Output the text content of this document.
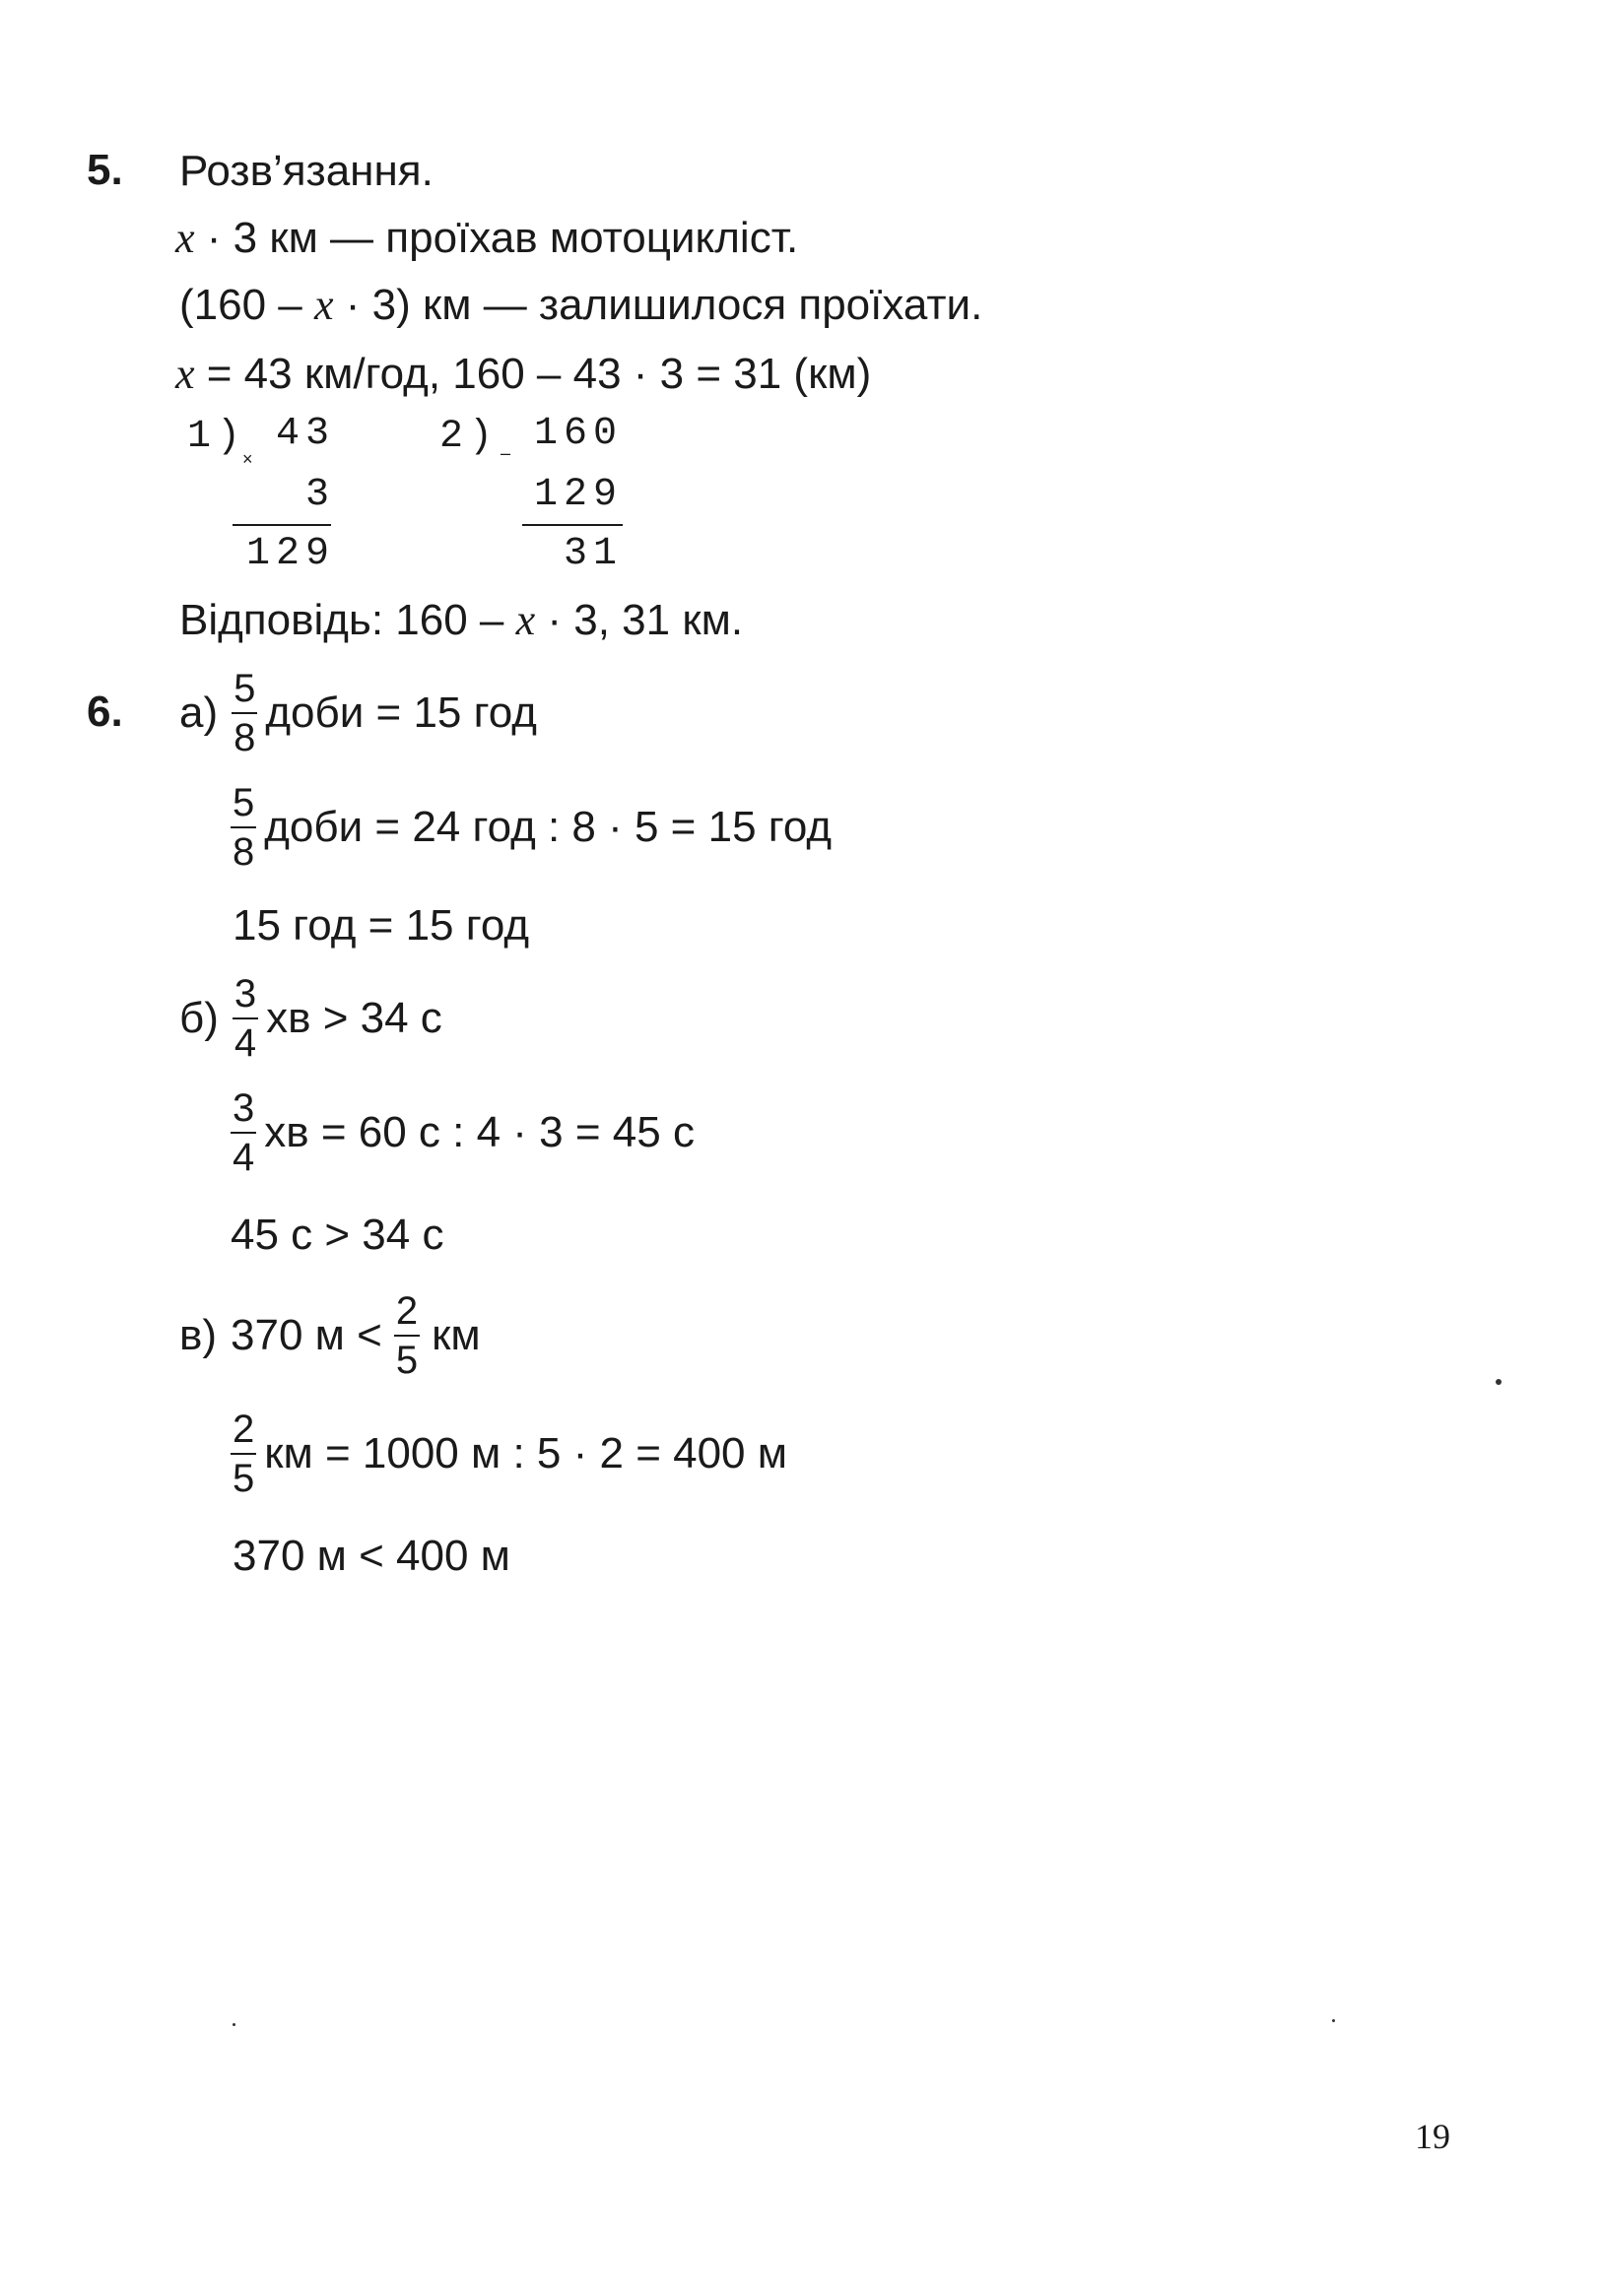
5. Розв’язання.
x · 3 км — проїхав мотоцикліст.
(160 – x · 3) км — залишилося проїхати.
x = 43 км/год, 160 – 43 · 3 = 31 (км)
1)
×
43
3
129
2) – 160
129
31
Відповідь: 160 – x · 3, 31 км.
6. $а) \frac{5}{8}$ доби = 15 год
$\frac{5}{8}$ доби = 24 год : 8 · 5 = 15 год
15 год = 15 год
$б) \frac{3}{4}$ хв > 34 с
$\frac{3}{4}$ хв = 60 с : 4 · 3 = 45 с
45 с > 34 с
в) 370 $м < \frac{2}{5}$ км
$\frac{2}{5}$ км = 1000 м : 5 · 2 = 400 м
370 м < 400 м
19
